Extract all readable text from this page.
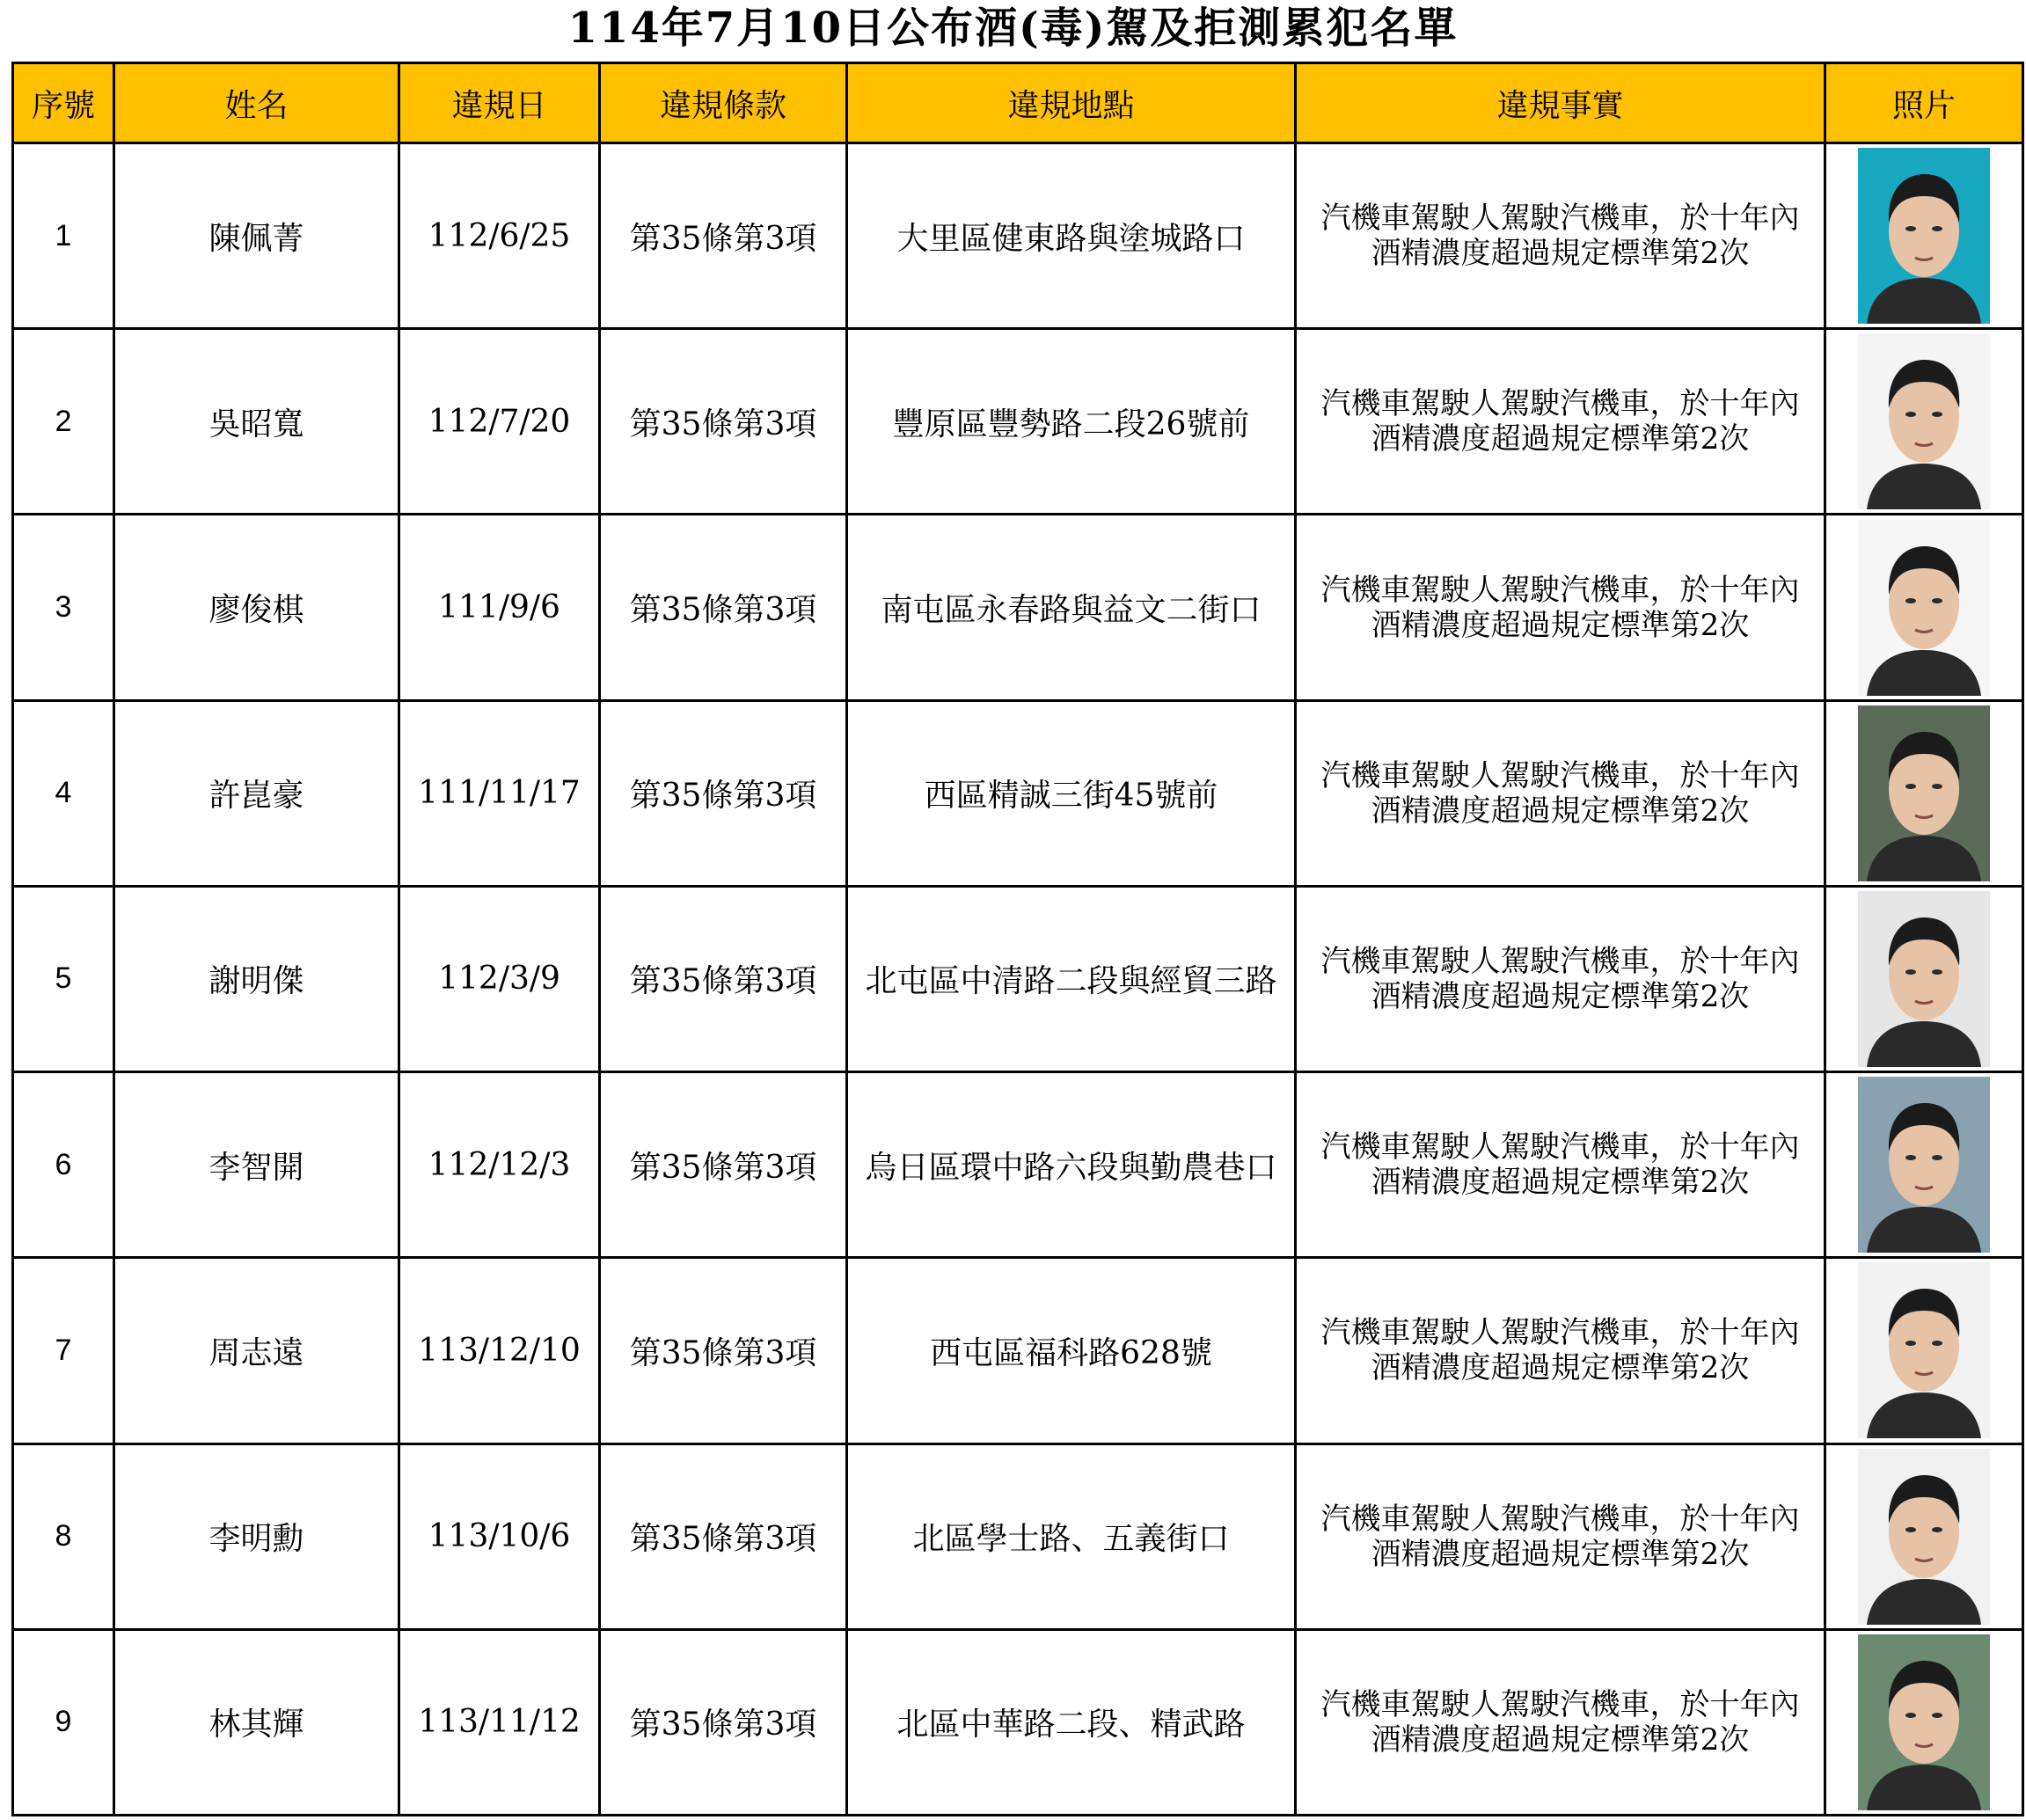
114年7月10日公布酒(毒)駕及拒測累犯名單
序號	姓名	違規日	違規條款	違規地點	違規事實	照片
1	陳佩菁	112/6/25	第35條第3項	大里區健東路與塗城路口	汽機車駕駛人駕駛汽機車，於十年內
酒精濃度超過規定標準第2次

2	吳昭寬	112/7/20	第35條第3項	豐原區豐勢路二段26號前	汽機車駕駛人駕駛汽機車，於十年內
酒精濃度超過規定標準第2次

3	廖俊棋	111/9/6	第35條第3項	南屯區永春路與益文二街口	汽機車駕駛人駕駛汽機車，於十年內
酒精濃度超過規定標準第2次

4	許崑豪	111/11/17	第35條第3項	西區精誠三街45號前	汽機車駕駛人駕駛汽機車，於十年內
酒精濃度超過規定標準第2次

5	謝明傑	112/3/9	第35條第3項	北屯區中清路二段與經貿三路	汽機車駕駛人駕駛汽機車，於十年內
酒精濃度超過規定標準第2次

6	李智開	112/12/3	第35條第3項	烏日區環中路六段與勤農巷口	汽機車駕駛人駕駛汽機車，於十年內
酒精濃度超過規定標準第2次

7	周志遠	113/12/10	第35條第3項	西屯區福科路628號	汽機車駕駛人駕駛汽機車，於十年內
酒精濃度超過規定標準第2次

8	李明勳	113/10/6	第35條第3項	北區學士路、五義街口	汽機車駕駛人駕駛汽機車，於十年內
酒精濃度超過規定標準第2次

9	林其輝	113/11/12	第35條第3項	北區中華路二段、精武路	汽機車駕駛人駕駛汽機車，於十年內
酒精濃度超過規定標準第2次
